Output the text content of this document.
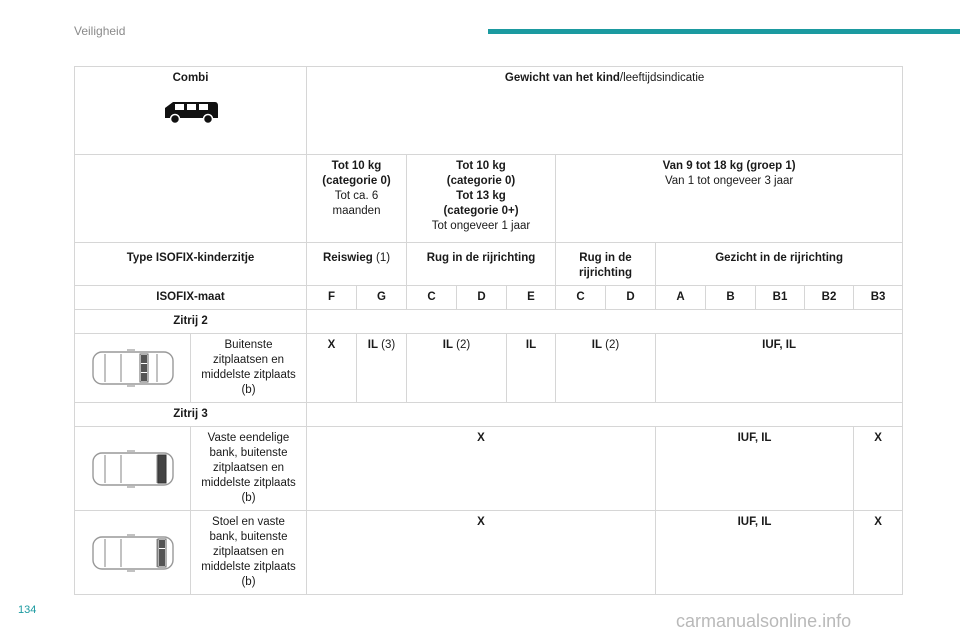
Veiligheid
Combi		Gewicht van het kind/leeftijdsindicatie											
		Tot 10 kg
(categorie 0)
Tot ca. 6
maanden		Tot 10 kg
(categorie 0)
Tot 13 kg
(categorie 0+)
Tot ongeveer 1 jaar			Van 9 tot 18 kg (groep 1)
Van 1 tot ongeveer 3 jaar						
Type ISOFIX-kinderzitje		Reiswieg (1)		Rug in de rijrichting			Rug in de
rijrichting		Gezicht in de rijrichting				
ISOFIX-maat		F	G	C	D	E	C	D	A	B	B1	B2	B3
Zitrij 2													

	Buitenste
zitplaatsen en
middelste zitplaats
(b)	X	IL (3)	IL (2)		IL	IL (2)		IUF, IL				
Zitrij 3													

	Vaste eendelige
bank, buitenste
zitplaatsen en
middelste zitplaats
(b)	X							IUF, IL				X

	Stoel en vaste
bank, buitenste
zitplaatsen en
middelste zitplaats
(b)	X							IUF, IL				X
134
carmanualsonline.info
